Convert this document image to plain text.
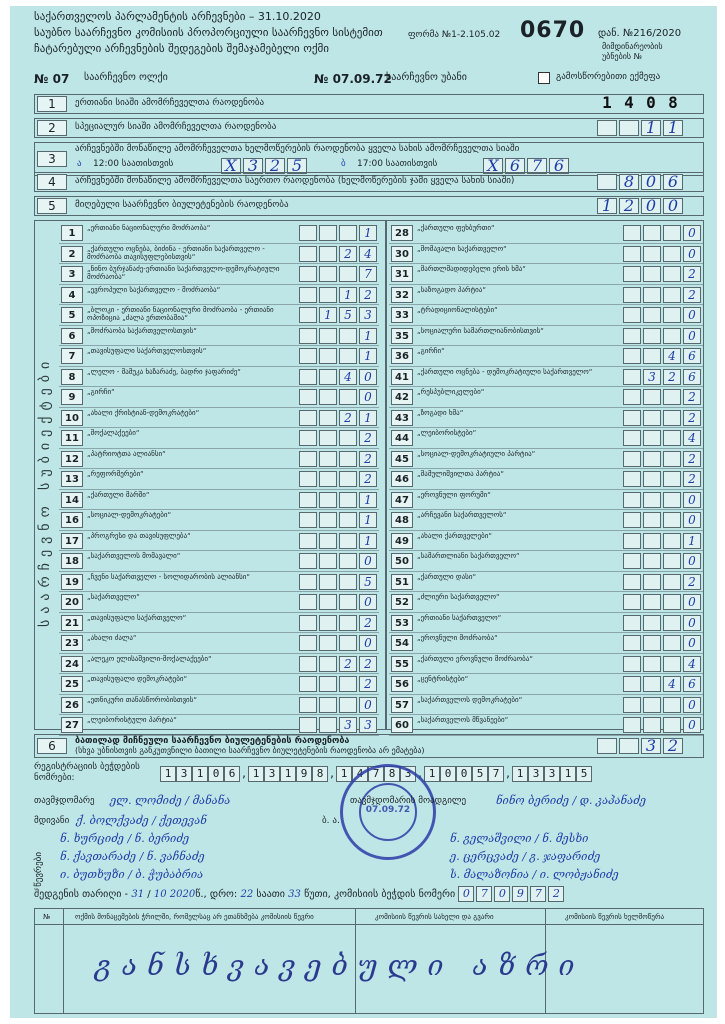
საქართველოს პარლამენტის არჩევნები – 31.10.2020
საუბნო საარჩევნო კომისიის პროპორციული საარჩევნო სისტემით
ჩატარებული არჩევნების შედეგების შემაჯამებელი ოქმი
ფორმა №1-2.105.02 0670 დან. №216/2020
მიმდინარეობის უბნების №
№ 07 საარჩევნო ოლქი	№ 07.09.72
საარჩევნო უბანი	გამოსწორებითი ექმეფა
1	ერთიანი სიაში ამომრჩეველთა რაოდენობა	1 4 0 8
2	სპეციალურ სიაში ამომრჩეველთა რაოდენობა	1 1
3
არჩევნებში მონაწილე ამომრჩეველთა ხელმოწერების რაოდენობა ყველა სახის ამომრჩეველთა სიაში
ა 12:00 საათისთვის	X 3 2 5	ბ 17:00 საათისთვის	X 6 7 6
4	არჩევნებში მონაწილე ამომრჩეველთა საერთო რაოდენობა (ხელმოწერების ჯამი ყველა სახის სიაში)	8 0 6
5	მიღებული საარჩევნო ბიულეტენების რაოდენობა	1 2 0 0
საარჩევნო სუბიექტები
1	„ერთიანი ნაციონალური მოძრაობა“	1
2	„ქართული ოცნება, ბიძინა - ერთიანი საქართველო - მოძრაობა თავისუფლებისთვის“	2	4
3	„ნინო ბურჯანაძე-ერთიანი საქართველო-დემოკრატიული მოძრაობა“	7
4	„ევროპული საქართველო - მოძრაობა“	1	2
5	„ბლოკი - ერთიანი ნაციონალური მოძრაობა - ერთიანი ოპოზიცია „ძალა ერთობაშია“	1	5	3
6	„მოძრაობა საქართველოსთვის“	1
7	„თავისუფალი საქართველოსთვის“	1
8	„ლელო - მამუკა ხაზარაძე, ბადრი ჯაფარიძე“	4	0
9	„გირჩი“	0
10	„ახალი ქრისტიან-დემოკრატები“	2	1
11	„მოქალაქეები“	2
12	„პატრიოტთა ალიანსი“	2
13	„რეფორმერები“	2
14	„ქართული მარში“	1
16	„სოციალ-დემოკრატები“	1
17	„პროგრესი და თავისუფლება“	1
18	„საქართველოს მომავალი“	0
19	„ჩვენი საქართველო - სოლიდარობის ალიანსი“	5
20	„საქართველო“	0
21	„თავისუფალი საქართველო“	2
23	„ახალი ძალა“	0
24	„ალეკო ელისაშვილი-მოქალაქეები“	2	2
25	„თავისუფალი დემოკრატები“	2
26	„ეთნიკური თანასწორობისთვის“	0
27	„ლეიბორისტული პარტია“	3	3
28	„ქართული ფეხბურთი“	0
30	„მომავალი საქართველო“	0
31	„მართლმადიდებელი ერის ხმა“	2
32	„საზოგადო პარტია“	2
33	„ტრადიციონალისტები“	0
35	„სოციალური სამართლიანობისთვის“	0
36	„გირჩი“	4	6
41	„ქართული ოცნება - დემოკრატიული საქართველო“	3	2	6
42	„რესპუბლიკელები“	2
43	„ზოგადი ხმა“	2
44	„ლეიბორისტები“	4
45	„სოციალ-დემოკრატიული პარტია“	2
46	„მამულიშვილთა პარტია“	2
47	„ეროვნული ფორუმი“	0
48	„არჩევანი საქართველოს“	0
49	„ახალი ქართველები“	1
50	„სამართლიანი საქართველო“	0
51	„ქართული დასი“	2
52	„ძლიერი საქართველო“	0
53	„ერთიანი საქართველო“	0
54	„ეროვნული მოძრაობა“	0
55	„ქართული ეროვნული მოძრაობა“	4
56	„ცენტრისტები“	4	6
57	„საქართველოს დემოკრატები“	0
60	„საქართველოს მწვანეები“	0
6	ბათილად მიჩნეული საარჩევნო ბიულეტენების რაოდენობა
(სხვა უბნისთვის განკუთვნილი ბათილი საარჩევნო ბიულეტენების რაოდენობა არ ემატება)	3 2
რეგისტრაციის ბეჭდების ნომრები:	1 3 1 0 6 , 1 3 1 9 8 , 1 4 7 8 3 , 1 0 0 5 7 , 1 3 3 1 5
07.09.72
თავმჯდომარე ელ. ლომიძე / მანანა	თავმჯდომარის მოადგილე	ნინო ბერიძე / დ. კაპანაძე
მდივანი ქ. ბოლქვაძე / ქეთევან	ბ. ა.
წევრები
ნ. ხურციძე / ნ. ბერიძე
ნ. ქავთარაძე / ნ. ვაჩნაძე
ი. ბუთხუზი / ბ. ჭუბაბრია
ნ. გელაშვილი / ნ. მესხი
ე. ცერცვაძე / გ. ჯაფარიძე
ს. მალაზონია / ი. ლობჟანიძე
შედგენის თარიღი - 31 / 10 2020წ., დრო: 22 საათი 33 წუთი, კომისიის ბეჭდის ნომერი 0	7	0	9	7	2
№	ოქმის მონაცემების ჭრილში, რომელსაც არ ეთანხმება კომისიის წევრი	კომისიის წევრის სახელი და გვარი	კომისიის წევრის ხელმოწერა
განსხვავებული აზრი
